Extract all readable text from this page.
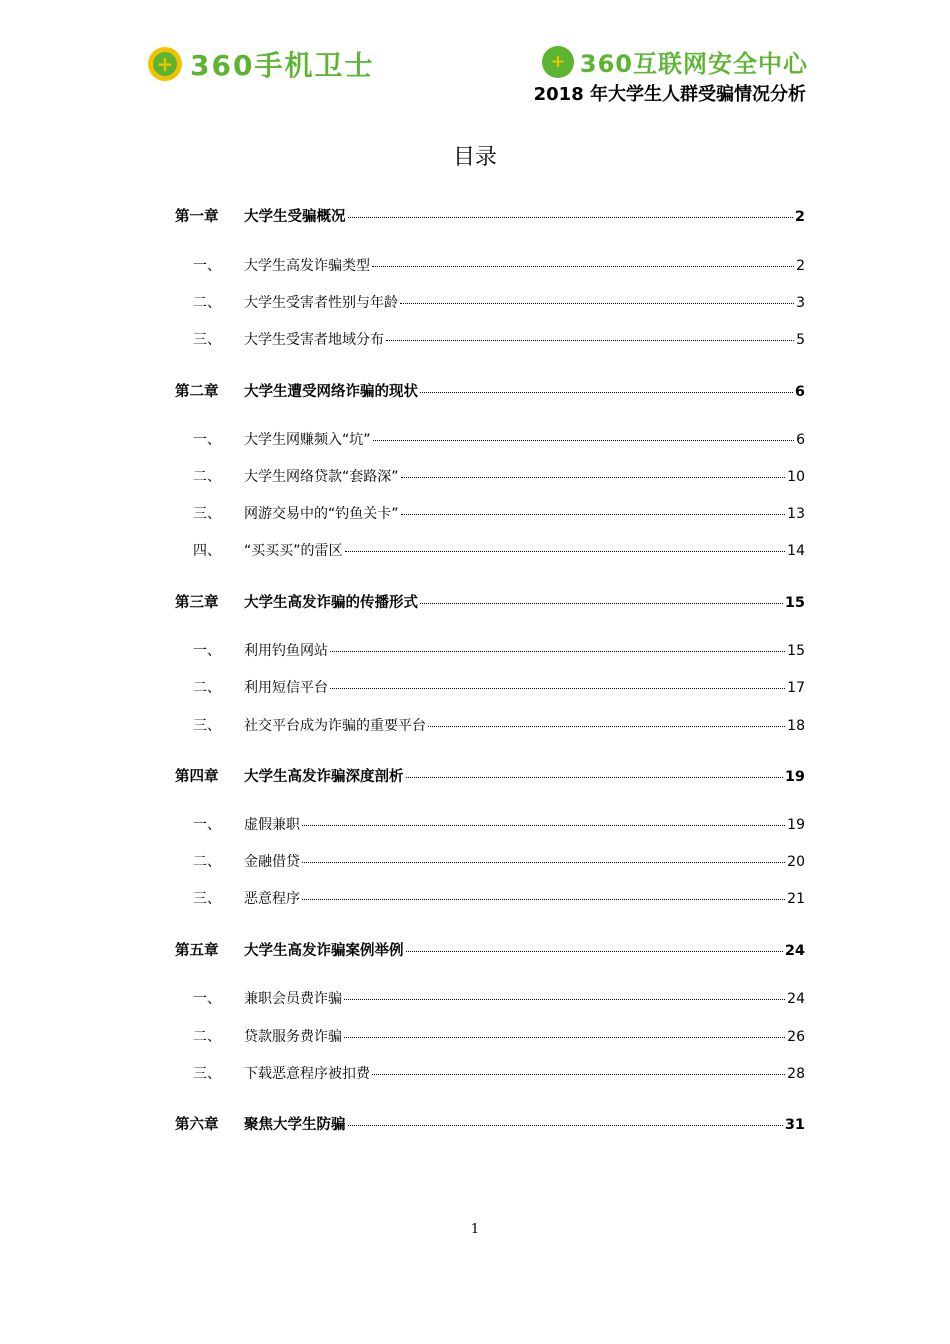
+ 360手机卫士	+ 360互联网安全中心
2018 年大学生人群受骗情况分析
目录
第一章	大学生受骗概况	2
一、	大学生高发诈骗类型	2
二、	大学生受害者性别与年龄	3
三、	大学生受害者地域分布	5
第二章	大学生遭受网络诈骗的现状	6
一、	大学生网赚频入“坑”	6
二、	大学生网络贷款“套路深”	10
三、	网游交易中的“钓鱼关卡”	13
四、	“买买买”的雷区	14
第三章	大学生高发诈骗的传播形式	15
一、	利用钓鱼网站	15
二、	利用短信平台	17
三、	社交平台成为诈骗的重要平台	18
第四章	大学生高发诈骗深度剖析	19
一、	虚假兼职	19
二、	金融借贷	20
三、	恶意程序	21
第五章	大学生高发诈骗案例举例	24
一、	兼职会员费诈骗	24
二、	贷款服务费诈骗	26
三、	下载恶意程序被扣费	28
第六章	聚焦大学生防骗	31
1
